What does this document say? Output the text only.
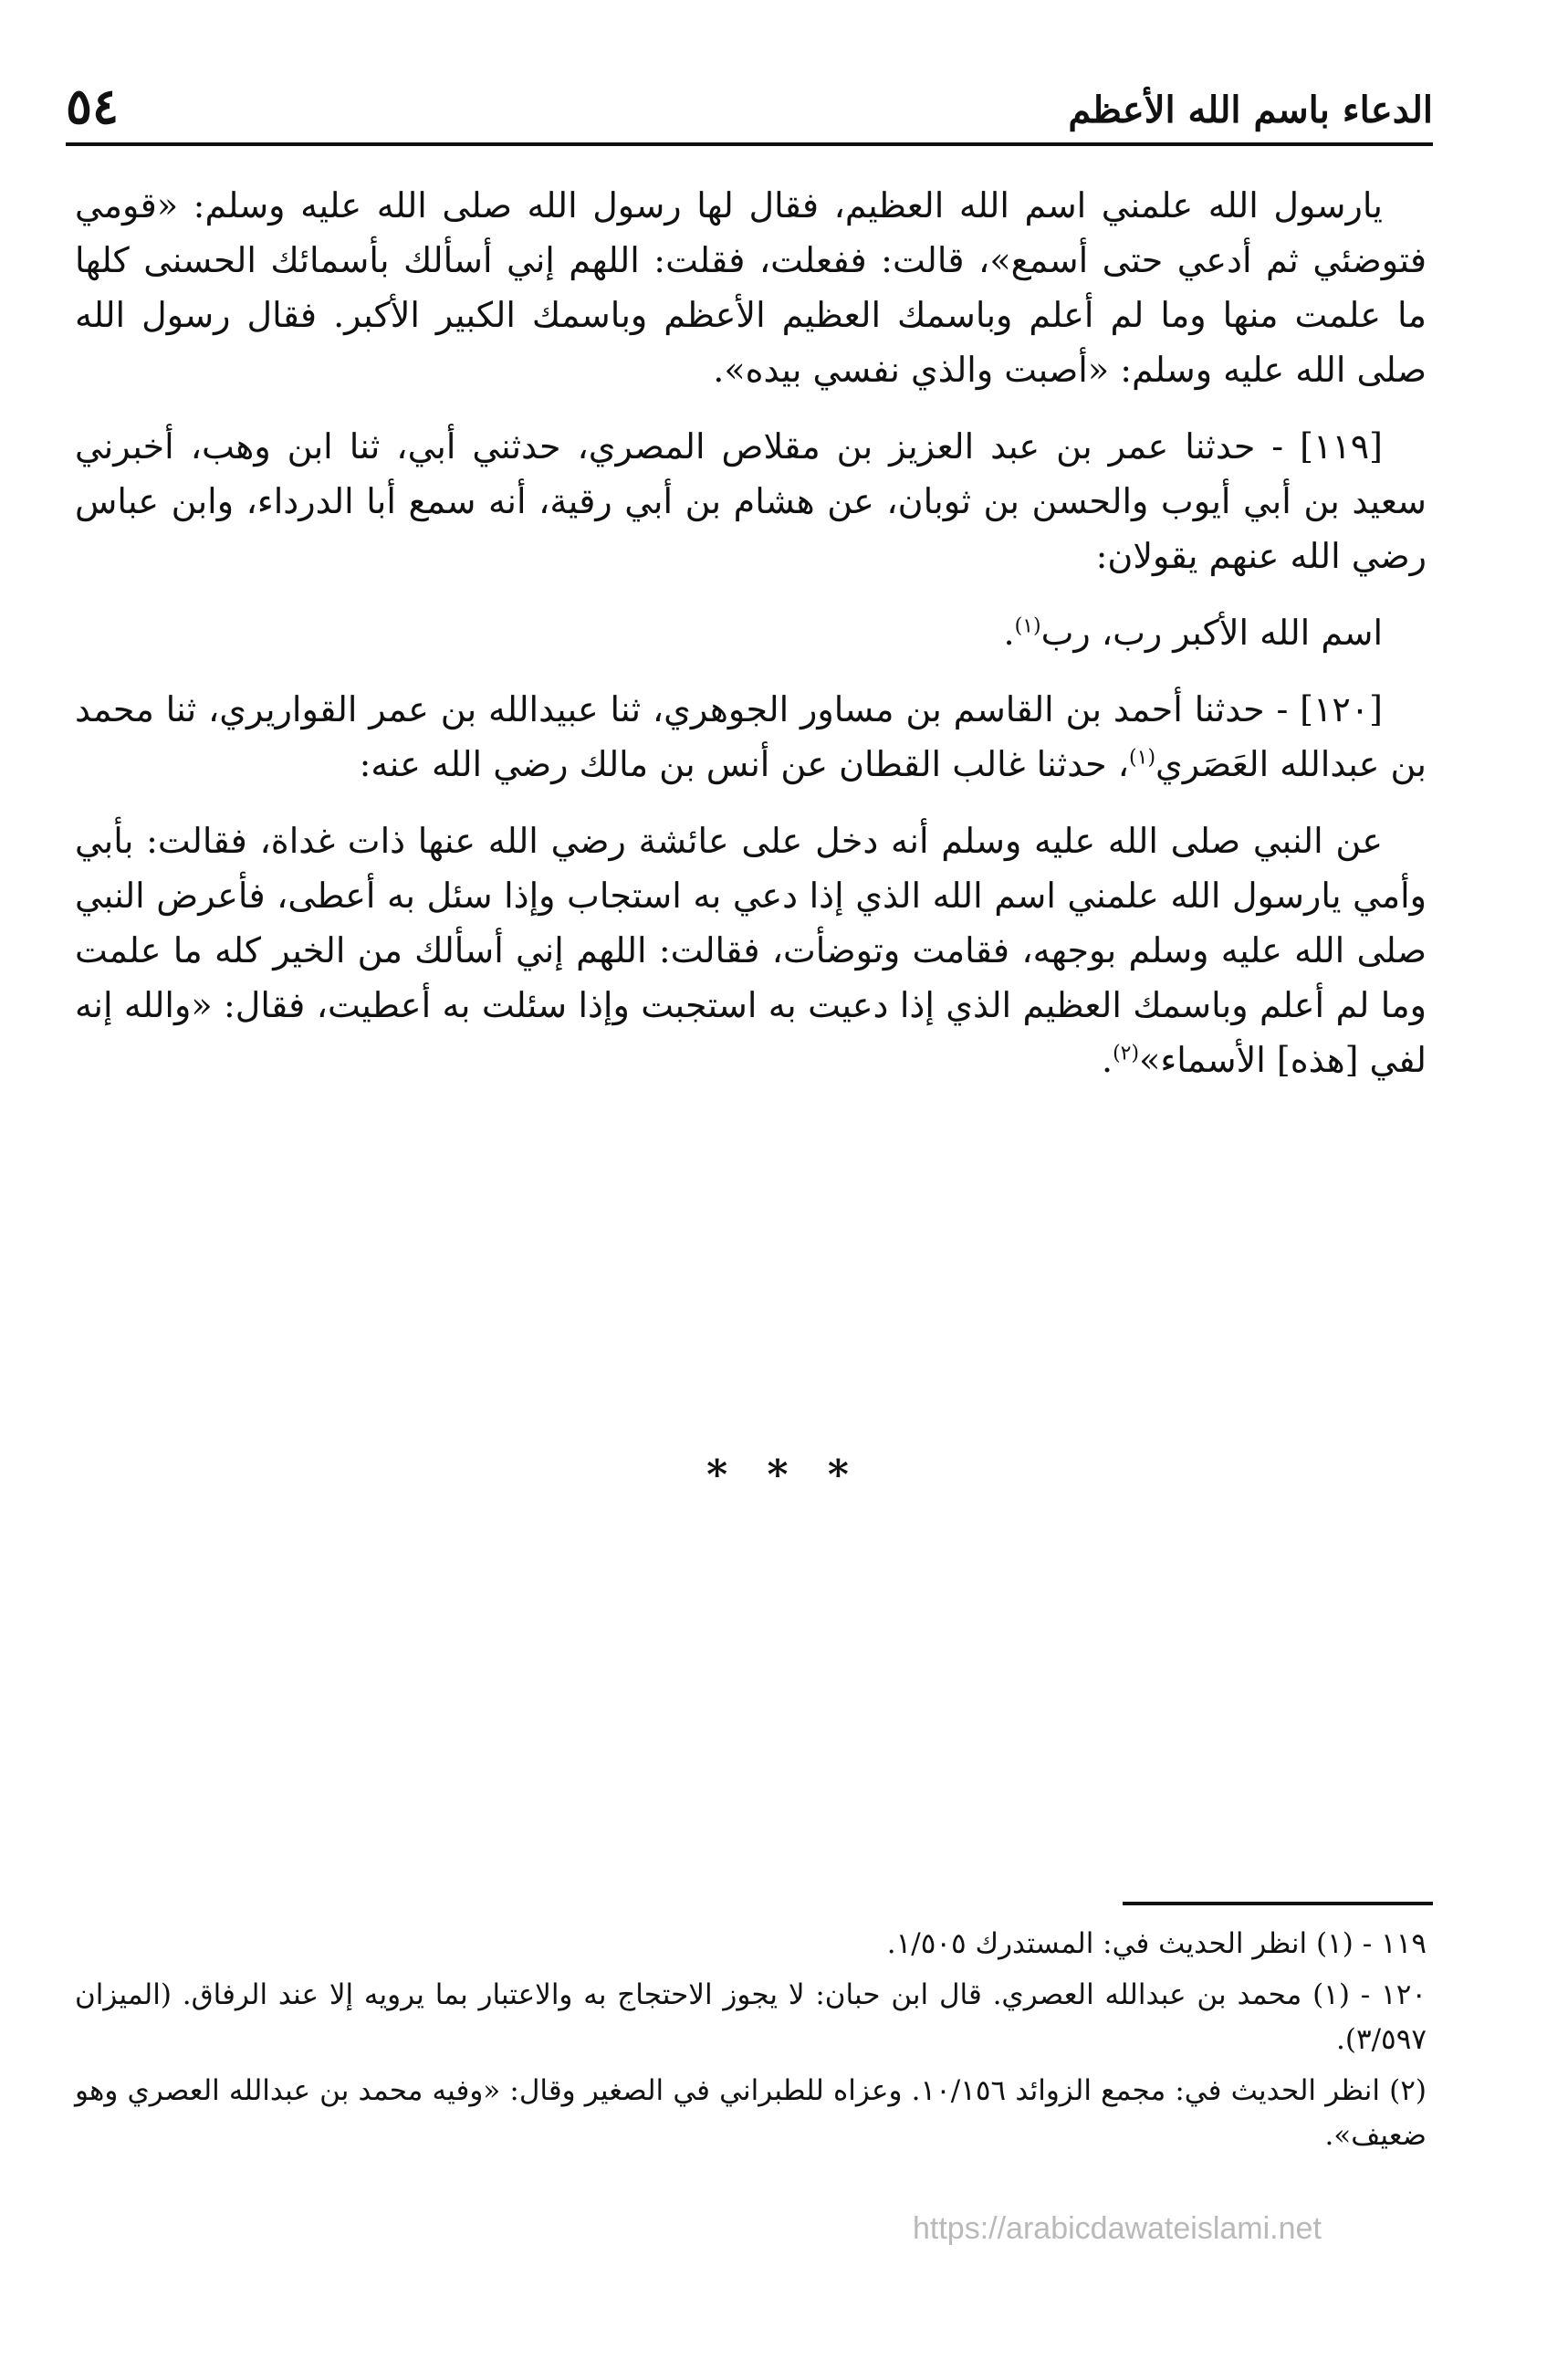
الدعاء باسم الله الأعظم
٥٤

يارسول الله علمني اسم الله العظيم، فقال لها رسول الله صلى الله عليه وسلم: «قومي فتوضئي ثم أدعي حتى أسمع»، قالت: ففعلت، فقلت: اللهم إني أسألك بأسمائك الحسنى كلها ما علمت منها وما لم أعلم وباسمك العظيم الأعظم وباسمك الكبير الأكبر. فقال رسول الله صلى الله عليه وسلم: «أصبت والذي نفسي بيده».

[١١٩] - حدثنا عمر بن عبد العزيز بن مقلاص المصري، حدثني أبي، ثنا ابن وهب، أخبرني سعيد بن أبي أيوب والحسن بن ثوبان، عن هشام بن أبي رقية، أنه سمع أبا الدرداء، وابن عباس رضي الله عنهم يقولان:

اسم الله الأكبر رب، رب$^{(١)}$.

[١٢٠] - حدثنا أحمد بن القاسم بن مساور الجوهري، ثنا عبيدالله بن عمر القواريري، ثنا محمد بن عبدالله العَصَري$^{(١)}$، حدثنا غالب القطان عن أنس بن مالك رضي الله عنه:

عن النبي صلى الله عليه وسلم أنه دخل على عائشة رضي الله عنها ذات غداة، فقالت: بأبي وأمي يارسول الله علمني اسم الله الذي إذا دعي به استجاب وإذا سئل به أعطى، فأعرض النبي صلى الله عليه وسلم بوجهه، فقامت وتوضأت، فقالت: اللهم إني أسألك من الخير كله ما علمت وما لم أعلم وباسمك العظيم الذي إذا دعيت به استجبت وإذا سئلت به أعطيت، فقال: «والله إنه لفي [هذه] الأسماء»$^{(٢)}$.

* * *

١١٩ - (١) انظر الحديث في: المستدرك ١/٥٠٥.

١٢٠ - (١) محمد بن عبدالله العصري. قال ابن حبان: لا يجوز الاحتجاج به والاعتبار بما يرويه إلا عند الرفاق. (الميزان ٣/٥٩٧).

(٢) انظر الحديث في: مجمع الزوائد ١٠/١٥٦. وعزاه للطبراني في الصغير وقال: «وفيه محمد بن عبدالله العصري وهو ضعيف».

https://arabicdawateislami.net
